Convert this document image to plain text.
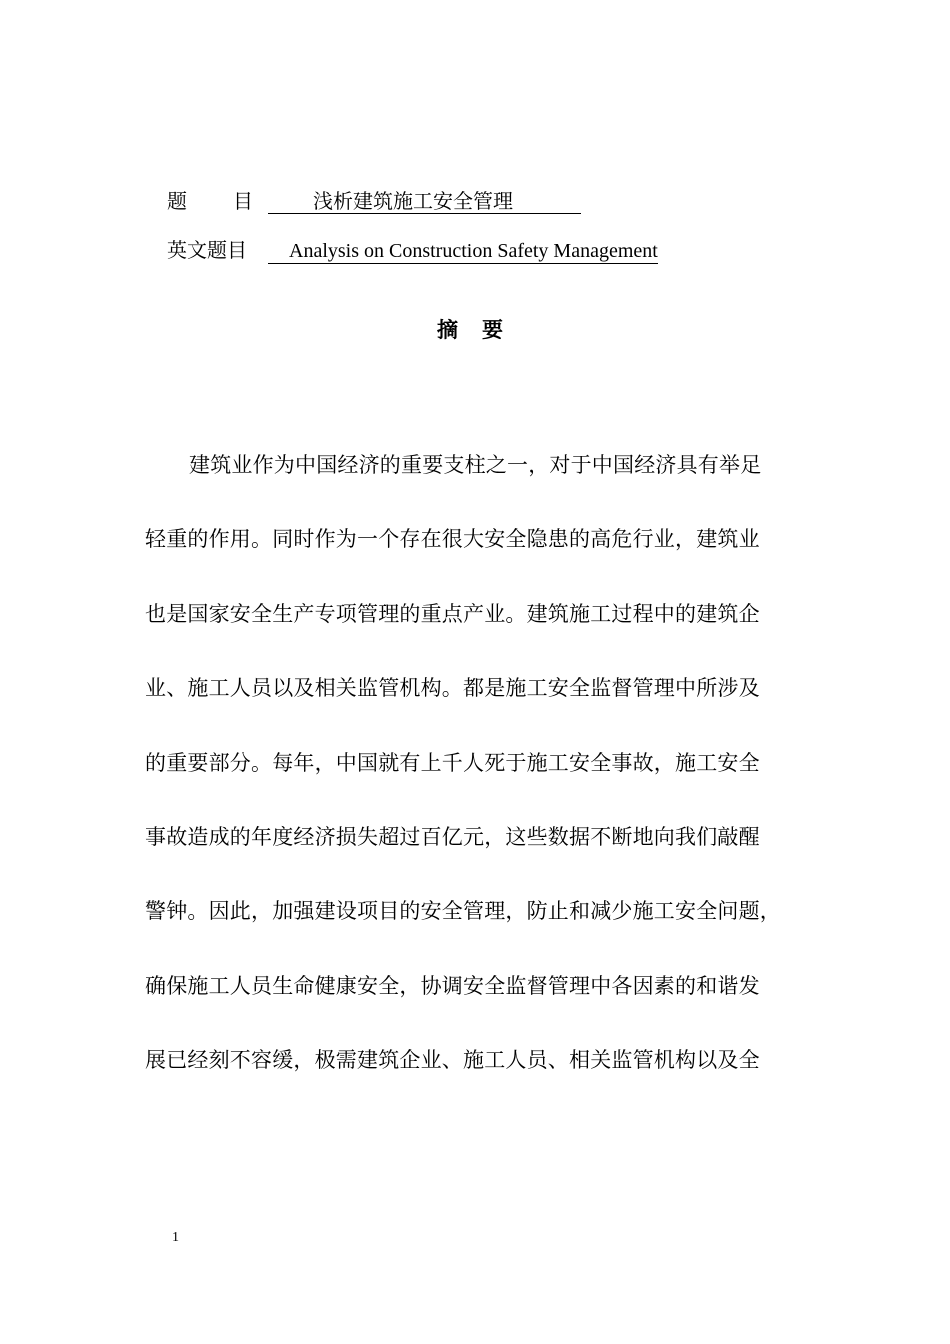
题 目	浅析建筑施工安全管理
英文题目 Analysis on Construction Safety Management
摘要
建筑业作为中国经济的重要支柱之一，对于中国经济具有举足
轻重的作用。同时作为一个存在很大安全隐患的高危行业，建筑业
也是国家安全生产专项管理的重点产业。建筑施工过程中的建筑企
业、施工人员以及相关监管机构。都是施工安全监督管理中所涉及
的重要部分。每年，中国就有上千人死于施工安全事故，施工安全
事故造成的年度经济损失超过百亿元，这些数据不断地向我们敲醒
警钟。因此，加强建设项目的安全管理，防止和减少施工安全问题，
确保施工人员生命健康安全，协调安全监督管理中各因素的和谐发
展已经刻不容缓，极需建筑企业、施工人员、相关监管机构以及全
1
